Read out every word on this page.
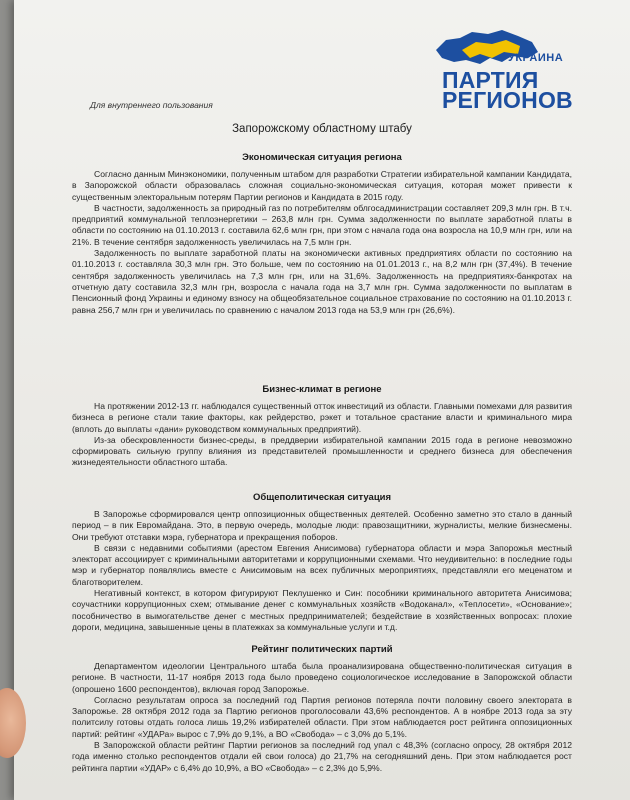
УКРАИНА
ПАРТИЯ
РЕГИОНОВ
Для внутреннего пользования
Запорожскому областному штабу
Экономическая ситуация региона

Согласно данным Минэкономики, полученным штабом для разработки Стратегии избирательной кампании Кандидата, в Запорожской области образовалась сложная социально-экономическая ситуация, которая может привести к существенным электоральным потерям Партии регионов и Кандидата в 2015 году.

В частности, задолженность за природный газ по потребителям облгосадминистрации составляет 209,3 млн грн. В т.ч. предприятий коммунальной теплоэнергетики – 263,8 млн грн. Сумма задолженности по выплате заработной платы в области по состоянию на 01.10.2013 г. составила 62,6 млн грн, при этом с начала года она возросла на 10,9 млн грн, или на 21%. В течение сентября задолженность увеличилась на 7,5 млн грн.

Задолженность по выплате заработной платы на экономически активных предприятиях области по состоянию на 01.10.2013 г. составляла 30,3 млн грн. Это больше, чем по состоянию на 01.01.2013 г., на 8,2 млн грн (37,4%). В течение сентября задолженность увеличилась на 7,3 млн грн, или на 31,6%. Задолженность на предприятиях-банкротах на отчетную дату составила 32,3 млн грн, возросла с начала года на 3,7 млн грн. Сумма задолженности по выплатам в Пенсионный фонд Украины и единому взносу на общеобязательное социальное страхование по состоянию на 01.10.2013 г. равна 256,7 млн грн и увеличилась по сравнению с началом 2013 года на 53,9 млн грн (26,6%).

Бизнес-климат в регионе

На протяжении 2012-13 гг. наблюдался существенный отток инвестиций из области. Главными помехами для развития бизнеса в регионе стали такие факторы, как рейдерство, рэкет и тотальное срастание власти и криминального мира (вплоть до выплаты «дани» руководством коммунальных предприятий).

Из-за обескровленности бизнес-среды, в преддверии избирательной кампании 2015 года в регионе невозможно сформировать сильную группу влияния из представителей промышленности и среднего бизнеса для обеспечения жизнедеятельности областного штаба.

Общеполитическая ситуация

В Запорожье сформировался центр оппозиционных общественных деятелей. Особенно заметно это стало в данный период – в пик Евромайдана. Это, в первую очередь, молодые люди: правозащитники, журналисты, мелкие бизнесмены. Они требуют отставки мэра, губернатора и прекращения поборов.

В связи с недавними событиями (арестом Евгения Анисимова) губернатора области и мэра Запорожья местный электорат ассоциирует с криминальными авторитетами и коррупционными схемами. Что неудивительно: в последние годы мэр и губернатор появлялись вместе с Анисимовым на всех публичных мероприятиях, представляли его меценатом и благотворителем.

Негативный контекст, в котором фигурируют Пеклушенко и Син: пособники криминального авторитета Анисимова; соучастники коррупционных схем; отмывание денег с коммунальных хозяйств «Водоканал», «Теплосети», «Основание»; пособничество в вымогательстве денег с местных предпринимателей; бездействие в хозяйственных вопросах: плохие дороги, медицина, завышенные цены в платежках за коммунальные услуги и т.д.

Рейтинг политических партий

Департаментом идеологии Центрального штаба была проанализирована общественно-политическая ситуация в регионе. В частности, 11-17 ноября 2013 года было проведено социологическое исследование в Запорожской области (опрошено 1600 респондентов), включая город Запорожье.

Согласно результатам опроса за последний год Партия регионов потеряла почти половину своего электората в Запорожье. 28 октября 2012 года за Партию регионов проголосовали 43,6% респондентов. А в ноябре 2013 года за эту политсилу готовы отдать голоса лишь 19,2% избирателей области. При этом наблюдается рост рейтинга оппозиционных партий: рейтинг «УДАРа» вырос с 7,9% до 9,1%, а ВО «Свобода» – с 3,0% до 5,1%.

В Запорожской области рейтинг Партии регионов за последний год упал с 48,3% (согласно опросу, 28 октября 2012 года именно столько респондентов отдали ей свои голоса) до 21,7% на сегодняшний день. При этом наблюдается рост рейтинга партии «УДАР» с 6,4% до 10,9%, а ВО «Свобода» – с 2,3% до 5,9%.
